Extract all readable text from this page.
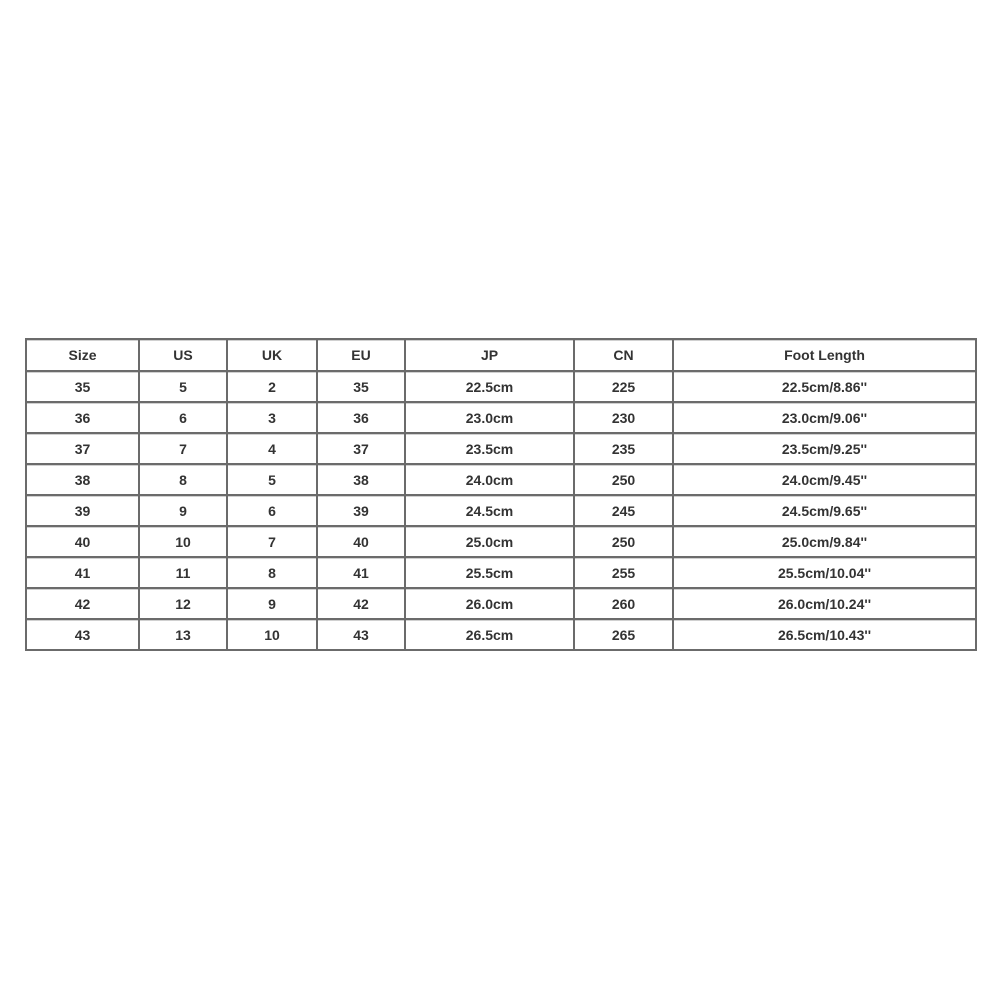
Size	US	UK	EU	JP	CN	Foot Length
35	5	2	35	22.5cm	225	22.5cm/8.86''
36	6	3	36	23.0cm	230	23.0cm/9.06''
37	7	4	37	23.5cm	235	23.5cm/9.25''
38	8	5	38	24.0cm	250	24.0cm/9.45''
39	9	6	39	24.5cm	245	24.5cm/9.65''
40	10	7	40	25.0cm	250	25.0cm/9.84''
41	11	8	41	25.5cm	255	25.5cm/10.04''
42	12	9	42	26.0cm	260	26.0cm/10.24''
43	13	10	43	26.5cm	265	26.5cm/10.43''
